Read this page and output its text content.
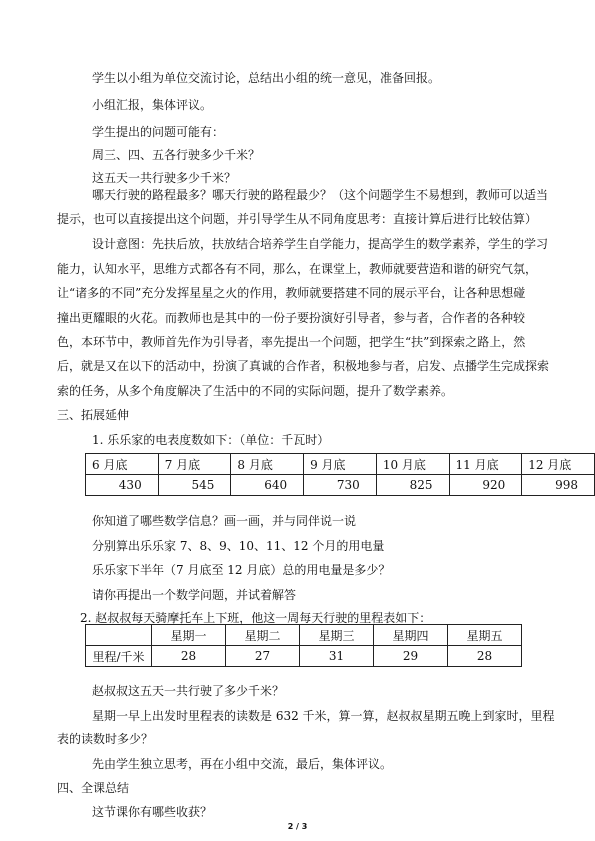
学生以小组为单位交流讨论，总结出小组的统一意见，准备回报。
小组汇报，集体评议。
学生提出的问题可能有：
周三、四、五各行驶多少千米？
这五天一共行驶多少千米？
哪天行驶的路程最多？哪天行驶的路程最少？（这个问题学生不易想到，教师可以适当
提示，也可以直接提出这个问题，并引导学生从不同角度思考：直接计算后进行比较估算）
设计意图：先扶后放，扶放结合培养学生自学能力，提高学生的数学素养，学生的学习
能力，认知水平，思维方式都各有不同，那么，在课堂上，教师就要营造和谐的研究气氛，
让“诸多的不同”充分发挥星星之火的作用，教师就要搭建不同的展示平台，让各种思想碰
撞出更耀眼的火花。而教师也是其中的一份子要扮演好引导者，参与者，合作者的各种较
色，本环节中，教师首先作为引导者，率先提出一个问题，把学生“扶”到探索之路上，然
后，就是又在以下的活动中，扮演了真诚的合作者，积极地参与者，启发、点播学生完成探索
索的任务，从多个角度解决了生活中的不同的实际问题，提升了数学素养。
三、拓展延伸
1. 乐乐家的电表度数如下：（单位：千瓦时）
6 月底	7 月底	8 月底	9 月底	10 月底	11 月底	12 月底
430	545	640	730	825	920	998
你知道了哪些数学信息？画一画，并与同伴说一说
分别算出乐乐家 7、8、9、10、11、12 个月的用电量
乐乐家下半年（7 月底至 12 月底）总的用电量是多少？
请你再提出一个数学问题，并试着解答
2. 赵叔叔每天骑摩托车上下班，他这一周每天行驶的里程表如下：
	星期一	星期二	星期三	星期四	星期五
里程/千米	28	27	31	29	28
赵叔叔这五天一共行驶了多少千米？
星期一早上出发时里程表的读数是 632 千米，算一算，赵叔叔星期五晚上到家时，里程
表的读数时多少？
先由学生独立思考，再在小组中交流，最后，集体评议。
四、全课总结
这节课你有哪些收获？
2 / 3
